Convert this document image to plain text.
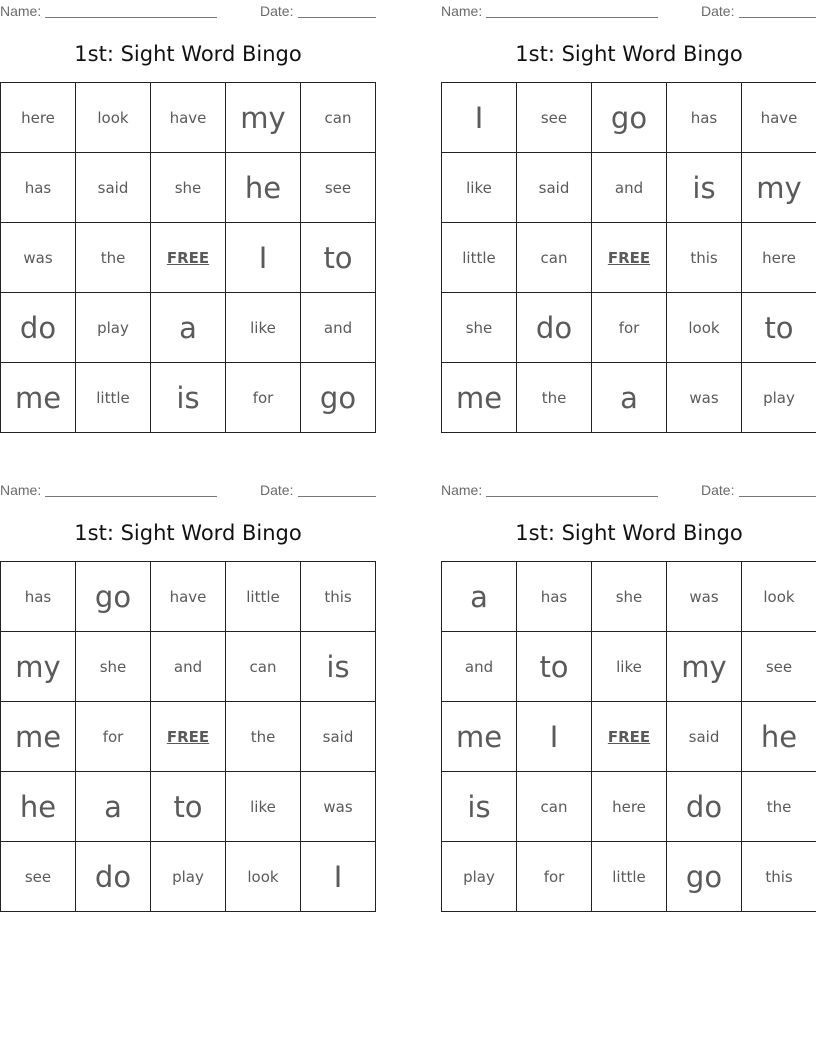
Name:	Date:
1st: Sight Word Bingo
here	look	have	my	can
has	said	she	he	see
was	the	FREE	I	to
do	play	a	like	and
me	little	is	for	go
Name:	Date:
1st: Sight Word Bingo
I	see	go	has	have
like	said	and	is	my
little	can	FREE	this	here
she	do	for	look	to
me	the	a	was	play
Name:	Date:
1st: Sight Word Bingo
has	go	have	little	this
my	she	and	can	is
me	for	FREE	the	said
he	a	to	like	was
see	do	play	look	I
Name:	Date:
1st: Sight Word Bingo
a	has	she	was	look
and	to	like	my	see
me	I	FREE	said	he
is	can	here	do	the
play	for	little	go	this
